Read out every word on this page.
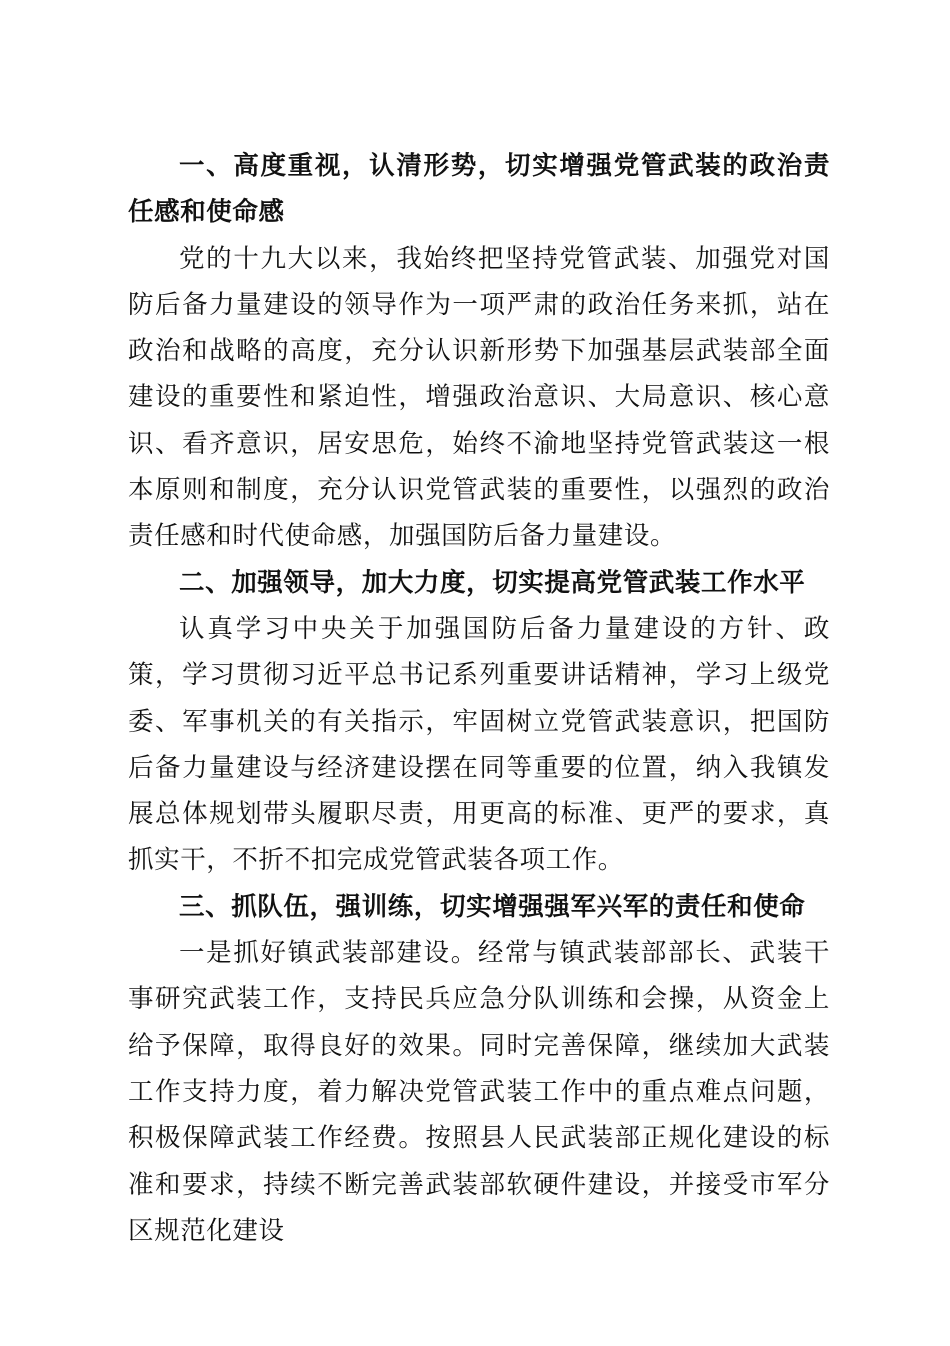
一、高度重视，认清形势，切实增强党管武装的政治责任感和使命感

党的十九大以来，我始终把坚持党管武装、加强党对国防后备力量建设的领导作为一项严肃的政治任务来抓，站在政治和战略的高度，充分认识新形势下加强基层武装部全面建设的重要性和紧迫性，增强政治意识、大局意识、核心意识、看齐意识，居安思危，始终不渝地坚持党管武装这一根本原则和制度，充分认识党管武装的重要性，以强烈的政治责任感和时代使命感，加强国防后备力量建设。

二、加强领导，加大力度，切实提高党管武装工作水平

认真学习中央关于加强国防后备力量建设的方针、政策，学习贯彻习近平总书记系列重要讲话精神，学习上级党委、军事机关的有关指示，牢固树立党管武装意识，把国防后备力量建设与经济建设摆在同等重要的位置，纳入我镇发展总体规划带头履职尽责，用更高的标准、更严的要求，真抓实干，不折不扣完成党管武装各项工作。

三、抓队伍，强训练，切实增强强军兴军的责任和使命

一是抓好镇武装部建设。经常与镇武装部部长、武装干事研究武装工作，支持民兵应急分队训练和会操，从资金上给予保障，取得良好的效果。同时完善保障，继续加大武装工作支持力度，着力解决党管武装工作中的重点难点问题，积极保障武装工作经费。按照县人民武装部正规化建设的标准和要求，持续不断完善武装部软硬件建设，并接受市军分区规范化建设
